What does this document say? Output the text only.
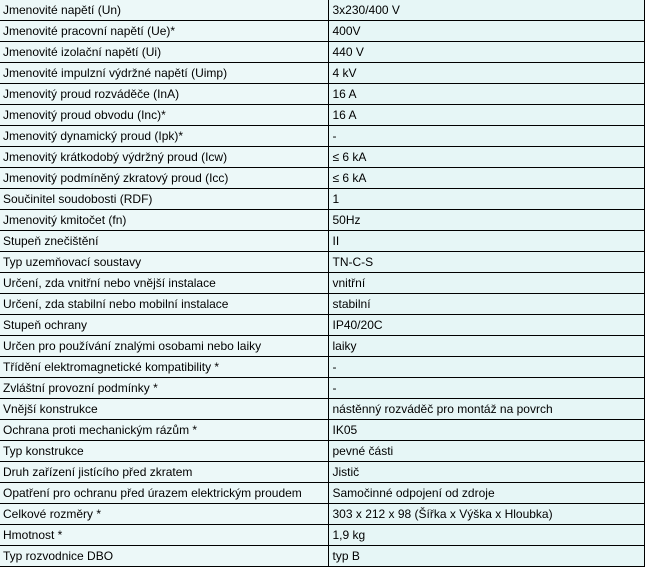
Jmenovité napětí (Un)	3x230/400 V
Jmenovité pracovní napětí (Ue)*	400V
Jmenovité izolační napětí (Ui)	440 V
Jmenovité impulzní výdržné napětí (Uimp)	4 kV
Jmenovitý proud rozváděče (InA)	16 A
Jmenovitý proud obvodu (Inc)*	16 A
Jmenovitý dynamický proud (Ipk)*	-
Jmenovitý krátkodobý výdržný proud (Icw)	≤ 6 kA
Jmenovitý podmíněný zkratový proud (Icc)	≤ 6 kA
Součinitel soudobosti (RDF)	1
Jmenovitý kmitočet (fn)	50Hz
Stupeň znečištění	II
Typ uzemňovací soustavy	TN-C-S
Určení, zda vnitřní nebo vnější instalace	vnitřní
Určení, zda stabilní nebo mobilní instalace	stabilní
Stupeň ochrany	IP40/20C
Určen pro používání znalými osobami nebo laiky	laiky
Třídění elektromagnetické kompatibility *	-
Zvláštní provozní podmínky *	-
Vnější konstrukce	nástěnný rozváděč pro montáž na povrch
Ochrana proti mechanickým rázům *	IK05
Typ konstrukce	pevné části
Druh zařízení jistícího před zkratem	Jistič
Opatření pro ochranu před úrazem elektrickým proudem	Samočinné odpojení od zdroje
Celkové rozměry *	303 x 212 x 98 (Šířka x Výška x Hloubka)
Hmotnost *	1,9 kg
Typ rozvodnice DBO	typ B
